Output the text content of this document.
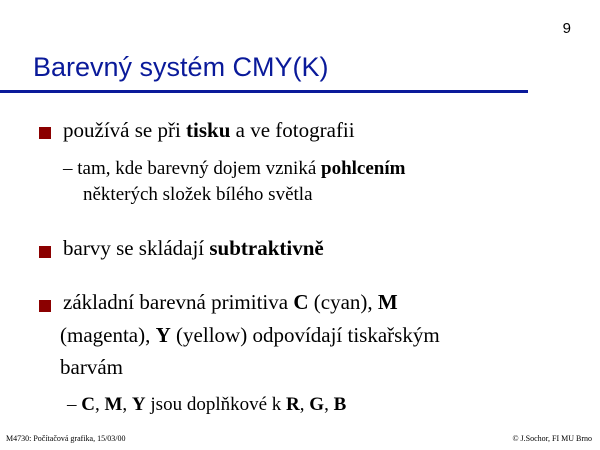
9
Barevný systém CMY(K)
používá se při tisku a ve fotografii
– tam, kde barevný dojem vzniká pohlcením
některých složek bílého světla
barvy se skládají subtraktivně
základní barevná primitiva C (cyan), M
(magenta), Y (yellow) odpovídají tiskařským
barvám
– C, M, Y jsou doplňkové k R, G, B
M4730: Počítačová grafika, 15/03/00	© J.Sochor, FI MU Brno
